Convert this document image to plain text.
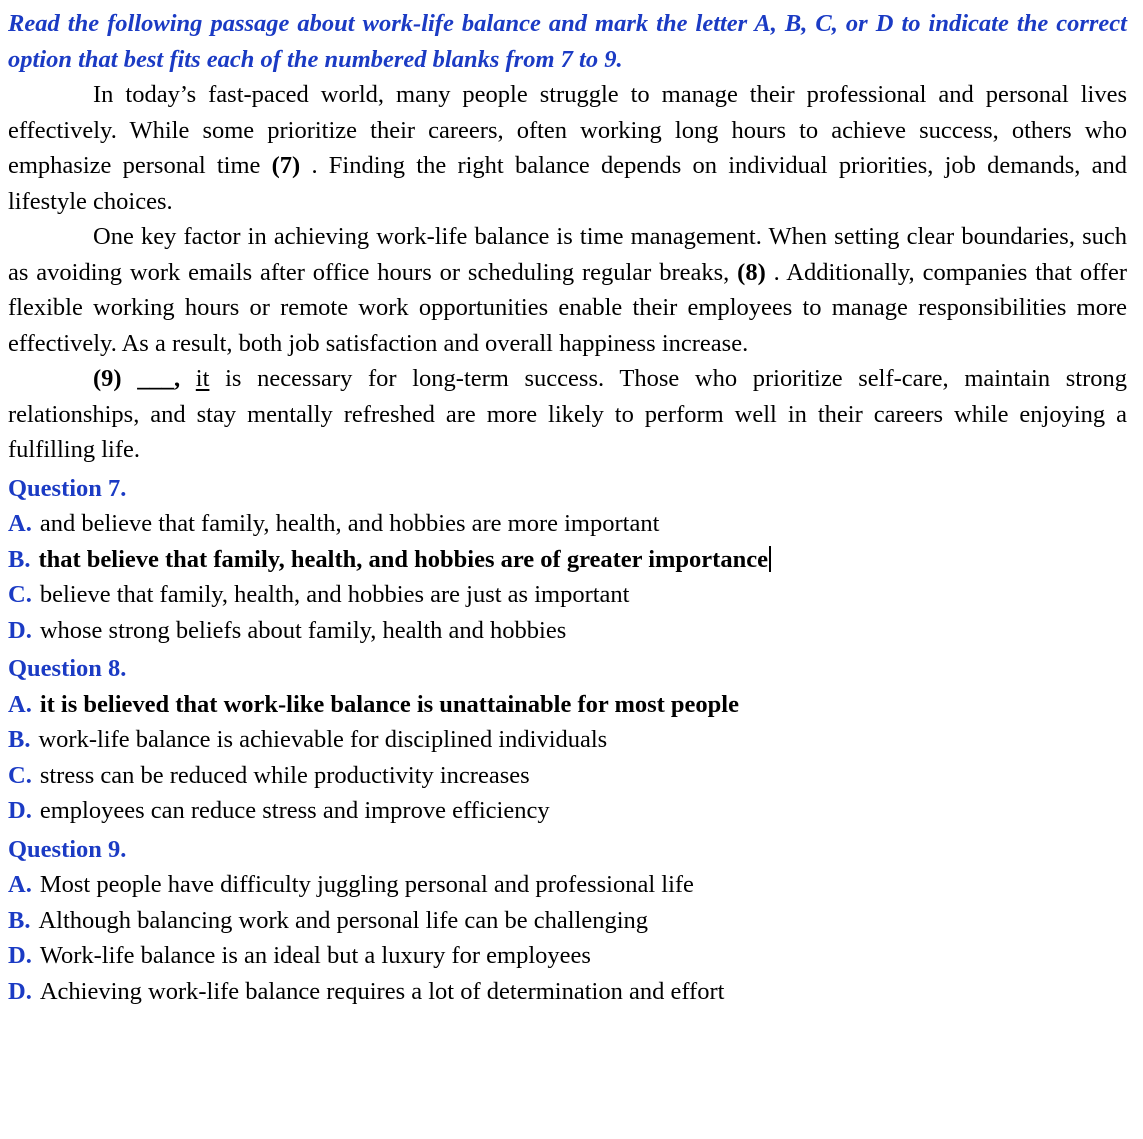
Read the following passage about work-life balance and mark the letter A, B, C, or D to indicate the correct option that best fits each of the numbered blanks from 7 to 9.

In today’s fast-paced world, many people struggle to manage their professional and personal lives effectively. While some prioritize their careers, often working long hours to achieve success, others who emphasize personal time (7) . Finding the right balance depends on individual priorities, job demands, and lifestyle choices.

One key factor in achieving work-life balance is time management. When setting clear boundaries, such as avoiding work emails after office hours or scheduling regular breaks, (8) . Additionally, companies that offer flexible working hours or remote work opportunities enable their employees to manage responsibilities more effectively. As a result, both job satisfaction and overall happiness increase.

(9) ___, it is necessary for long-term success. Those who prioritize self-care, maintain strong relationships, and stay mentally refreshed are more likely to perform well in their careers while enjoying a fulfilling life.

Question 7.

A. and believe that family, health, and hobbies are more important

B. that believe that family, health, and hobbies are of greater importance

C. believe that family, health, and hobbies are just as important

D. whose strong beliefs about family, health and hobbies

Question 8.

A. it is believed that work-like balance is unattainable for most people

B. work-life balance is achievable for disciplined individuals

C. stress can be reduced while productivity increases

D. employees can reduce stress and improve efficiency

Question 9.

A. Most people have difficulty juggling personal and professional life

B. Although balancing work and personal life can be challenging

D. Work-life balance is an ideal but a luxury for employees

D. Achieving work-life balance requires a lot of determination and effort
